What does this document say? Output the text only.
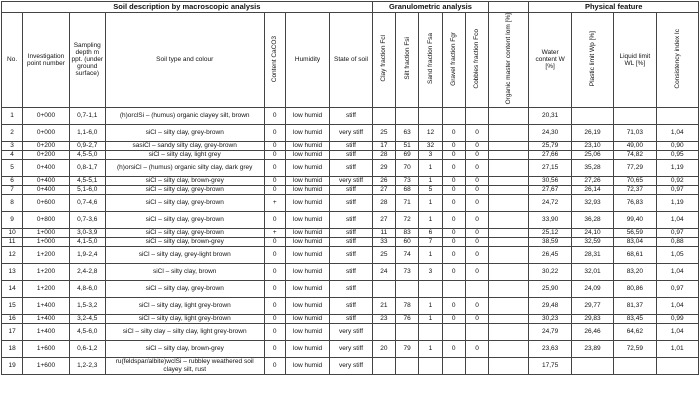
Soil description by macroscopic analysis							Granulometric analysis						Physical feature			
No.	Investigation point number	Sampling depth m ppt. (under ground surface)	Soil type and colour	Content CaCO3	Humidity	State of soil	Clay fraction Fcl	Silt fraction Fsi	Sand fraction Fsa	Gravel fraction Fgr	Cobbles fraction Fco	Organic master content Iom [%]	Water content W [%]	Plastic limit Wp [%]	Liquid limit WL [%]	Consistency index Ic
1	0+000	0,7-1,1	(h)orclSi – (humus) organic clayey silt, brown	0	low humid	stiff							20,31			
2	0+000	1,1-6,0	siCl – silty clay, grey-brown	0	low humid	very stiff	25	63	12	0	0		24,30	26,19	71,03	1,04
3	0+200	0,9-2,7	sasiCl – sandy silty clay, grey-brown	0	low humid	stiff	17	51	32	0	0		25,79	23,10	49,00	0,90
4	0+200	4,5-5,0	siCl – silty clay, light grey	0	low humid	stiff	28	69	3	0	0		27,66	25,06	74,82	0,95
5	0+400	0,8-1,7	(h)orsiCl – (humus) organic silty clay, dark grey	0	low humid	stiff	29	70	1	0	0		27,15	35,28	77,29	1,19
6	0+400	4,5-5,1	siCl – silty clay, brown-grey	0	low humid	very stiff	26	73	1	0	0		30,56	27,26	70,65	0,92
7	0+400	5,1-6,0	siCl – silty clay, grey-brown	0	low humid	stiff	27	68	5	0	0		27,67	26,14	72,37	0,97
8	0+600	0,7-4,6	siCl – silty clay, grey-brown	+	low humid	stiff	28	71	1	0	0		24,72	32,93	76,83	1,19
9	0+800	0,7-3,6	siCl – silty clay, grey-brown	0	low humid	stiff	27	72	1	0	0		33,90	36,28	99,40	1,04
10	1+000	3,0-3,9	siCl – silty clay, grey-brown	+	low humid	stiff	11	83	6	0	0		25,12	24,10	56,59	0,97
11	1+000	4,1-5,0	siCl – silty clay, brown-grey	0	low humid	stiff	33	60	7	0	0		38,59	32,59	83,04	0,88
12	1+200	1,9-2,4	siCl – silty clay, grey-light brown	0	low humid	stiff	25	74	1	0	0		26,45	28,31	68,61	1,05
13	1+200	2,4-2,8	siCl – silty clay, brown	0	low humid	stiff	24	73	3	0	0		30,22	32,01	83,20	1,04
14	1+200	4,8-6,0	siCl – silty clay, grey-brown	0	low humid	stiff							25,90	24,09	80,86	0,97
15	1+400	1,5-3,2	siCl – silty clay, light grey-brown	0	low humid	stiff	21	78	1	0	0		29,48	29,77	81,37	1,04
16	1+400	3,2-4,5	siCl – silty clay, light grey-brown	0	low humid	stiff	23	76	1	0	0		30,23	29,83	83,45	0,99
17	1+400	4,5-6,0	siCl – silty clay – silty clay, light grey-brown	0	low humid	very stiff							24,79	26,46	64,62	1,04
18	1+600	0,6-1,2	siCl – silty clay, brown-grey	0	low humid	very stiff	20	79	1	0	0		23,63	23,89	72,59	1,01
19	1+600	1,2-2,3	ru(feldspar/albite)wclSi – rubbley weathered soil clayey silt, rust	0	low humid	very stiff							17,75			
